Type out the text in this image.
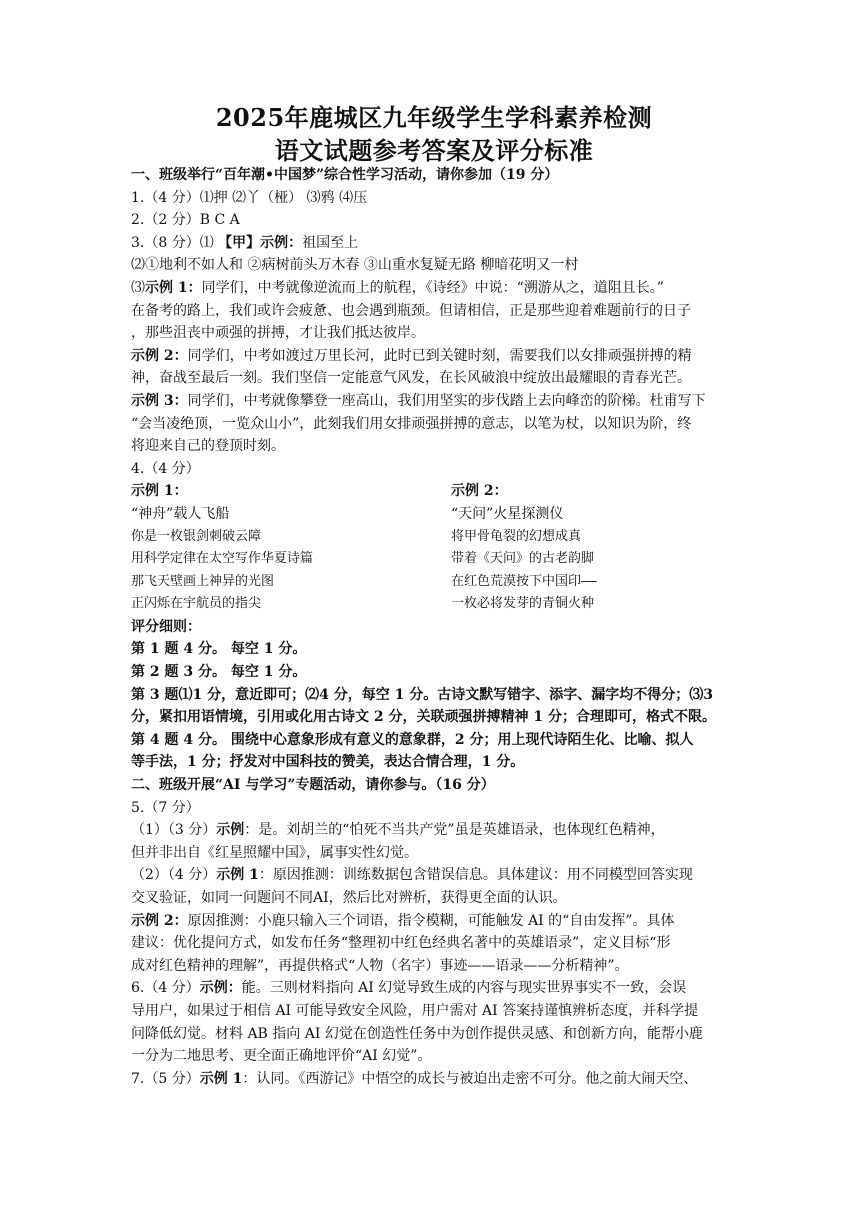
2025年鹿城区九年级学生学科素养检测
语文试题参考答案及评分标准
一、班级举行“百年潮•中国梦”综合性学习活动，请你参加（19 分）
1.（4 分）⑴押 ⑵丫（桠） ⑶鸦 ⑷压
2.（2 分）B C A
3.（8 分）⑴ 【甲】示例：祖国至上
⑵①地利不如人和 ②病树前头万木春 ③山重水复疑无路 柳暗花明又一村
⑶示例 1：同学们，中考就像逆流而上的航程，《诗经》中说：“溯游从之，道阻且长。”
在备考的路上，我们或许会疲惫、也会遇到瓶颈。但请相信，正是那些迎着难题前行的日子
，那些沮丧中顽强的拼搏，才让我们抵达彼岸。
示例 2：同学们，中考如渡过万里长河，此时已到关键时刻，需要我们以女排顽强拼搏的精
神，奋战至最后一刻。我们坚信一定能意气风发，在长风破浪中绽放出最耀眼的青春光芒。
示例 3：同学们，中考就像攀登一座高山，我们用坚实的步伐踏上去向峰峦的阶梯。杜甫写下
“会当凌绝顶，一览众山小”，此刻我们用女排顽强拼搏的意志，以笔为杖，以知识为阶，终
将迎来自己的登顶时刻。
4.（4 分）
示例 1：
“神舟”载人飞船
你是一枚银剑刺破云障
用科学定律在太空写作华夏诗篇
那飞天壁画上神异的光图
正闪烁在宇航员的指尖
示例 2：
“天问”火星探测仪
将甲骨龟裂的幻想成真
带着《天问》的古老韵脚
在红色荒漠按下中国印——
一枚必将发芽的青铜火种
评分细则：
第 1 题 4 分。 每空 1 分。
第 2 题 3 分。 每空 1 分。
第 3 题⑴1 分，意近即可；⑵4 分，每空 1 分。古诗文默写错字、添字、漏字均不得分；⑶3
分，紧扣用语情境，引用或化用古诗文 2 分，关联顽强拼搏精神 1 分；合理即可，格式不限。
第 4 题 4 分。 围绕中心意象形成有意义的意象群，2 分；用上现代诗陌生化、比喻、拟人
等手法，1 分；抒发对中国科技的赞美，表达合情合理，1 分。
二、班级开展“AI 与学习”专题活动，请你参与。（16 分）
5.（7 分）
（1）（3 分）示例：是。刘胡兰的“怕死不当共产党”虽是英雄语录，也体现红色精神，
但并非出自《红星照耀中国》，属事实性幻觉。
（2）（4 分）示例 1：原因推测：训练数据包含错误信息。具体建议：用不同模型回答实现
交叉验证，如同一问题问不同AI，然后比对辨析，获得更全面的认识。
示例 2：原因推测：小鹿只输入三个词语，指令模糊，可能触发 AI 的“自由发挥”。具体
建议：优化提问方式，如发布任务“整理初中红色经典名著中的英雄语录”，定义目标“形
成对红色精神的理解”，再提供格式“人物（名字）事迹——语录——分析精神”。
6.（4 分）示例：能。三则材料指向 AI 幻觉导致生成的内容与现实世界事实不一致，会误
导用户，如果过于相信 AI 可能导致安全风险，用户需对 AI 答案持谨慎辨析态度，并科学提
问降低幻觉。材料 AB 指向 AI 幻觉在创造性任务中为创作提供灵感、和创新方向，能帮小鹿
一分为二地思考、更全面正确地评价“AI 幻觉”。
7.（5 分）示例 1：认同。《西游记》中悟空的成长与被迫出走密不可分。他之前大闹天空、
